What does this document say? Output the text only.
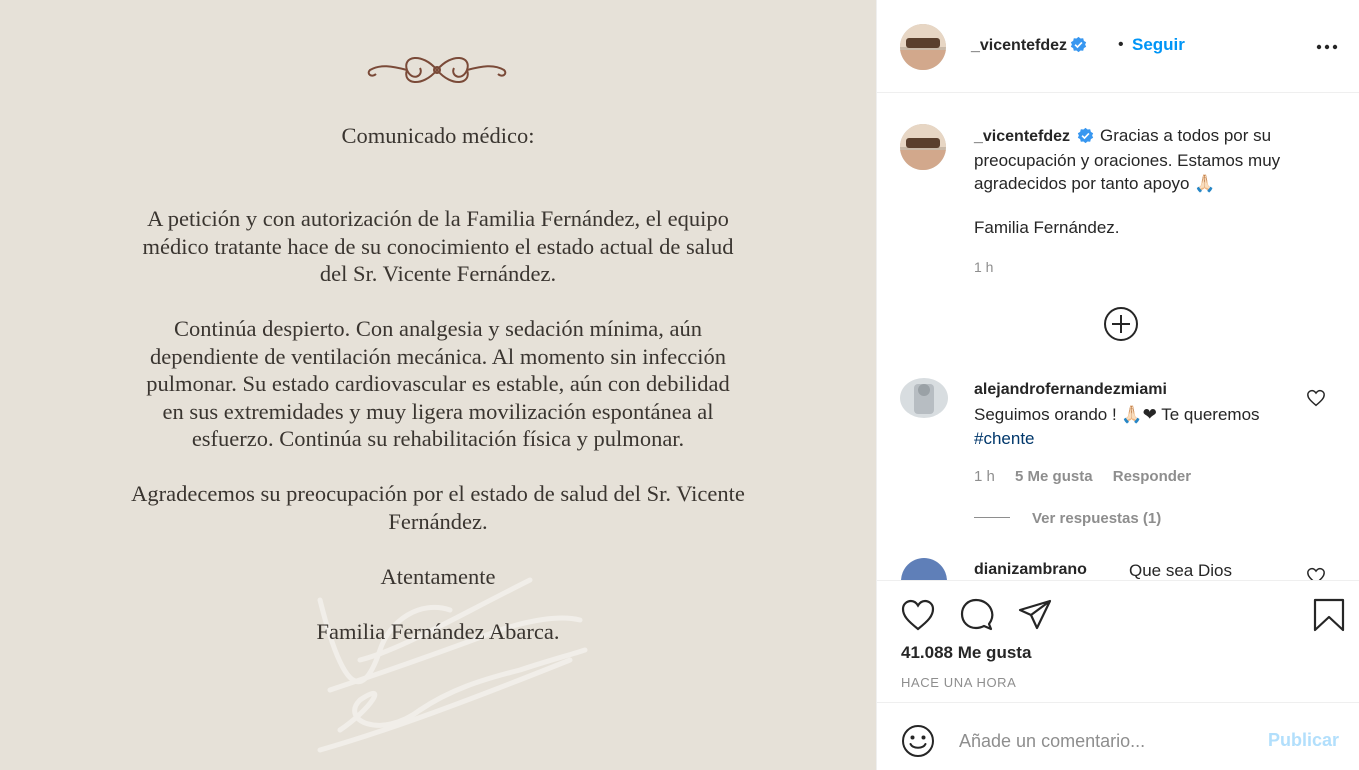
Comunicado médico:
A petición y con autorización de la Familia Fernández, el equipo
médico tratante hace de su conocimiento el estado actual de salud
del Sr. Vicente Fernández.
Continúa despierto. Con analgesia y sedación mínima, aún
dependiente de ventilación mecánica. Al momento sin infección
pulmonar. Su estado cardiovascular es estable, aún con debilidad
en sus extremidades y muy ligera movilización espontánea al
esfuerzo. Continúa su rehabilitación física y pulmonar.
Agradecemos su preocupación por el estado de salud del Sr. Vicente
Fernández.
Atentamente
Familia Fernández Abarca.
_vicentefdez	• Seguir
_vicentefdez Gracias a todos por su preocupación y oraciones. Estamos muy agradecidos por tanto apoyo 🙏🏻
Familia Fernández.
1 h
alejandrofernandezmiami
Seguimos orando ! 🙏🏻❤ Te queremos #chente
1 h 5 Me gusta Responder
Ver respuestas (1)
dianizambrano Que sea Dios
41.088 Me gusta
HACE UNA HORA
Añade un comentario...
Publicar
